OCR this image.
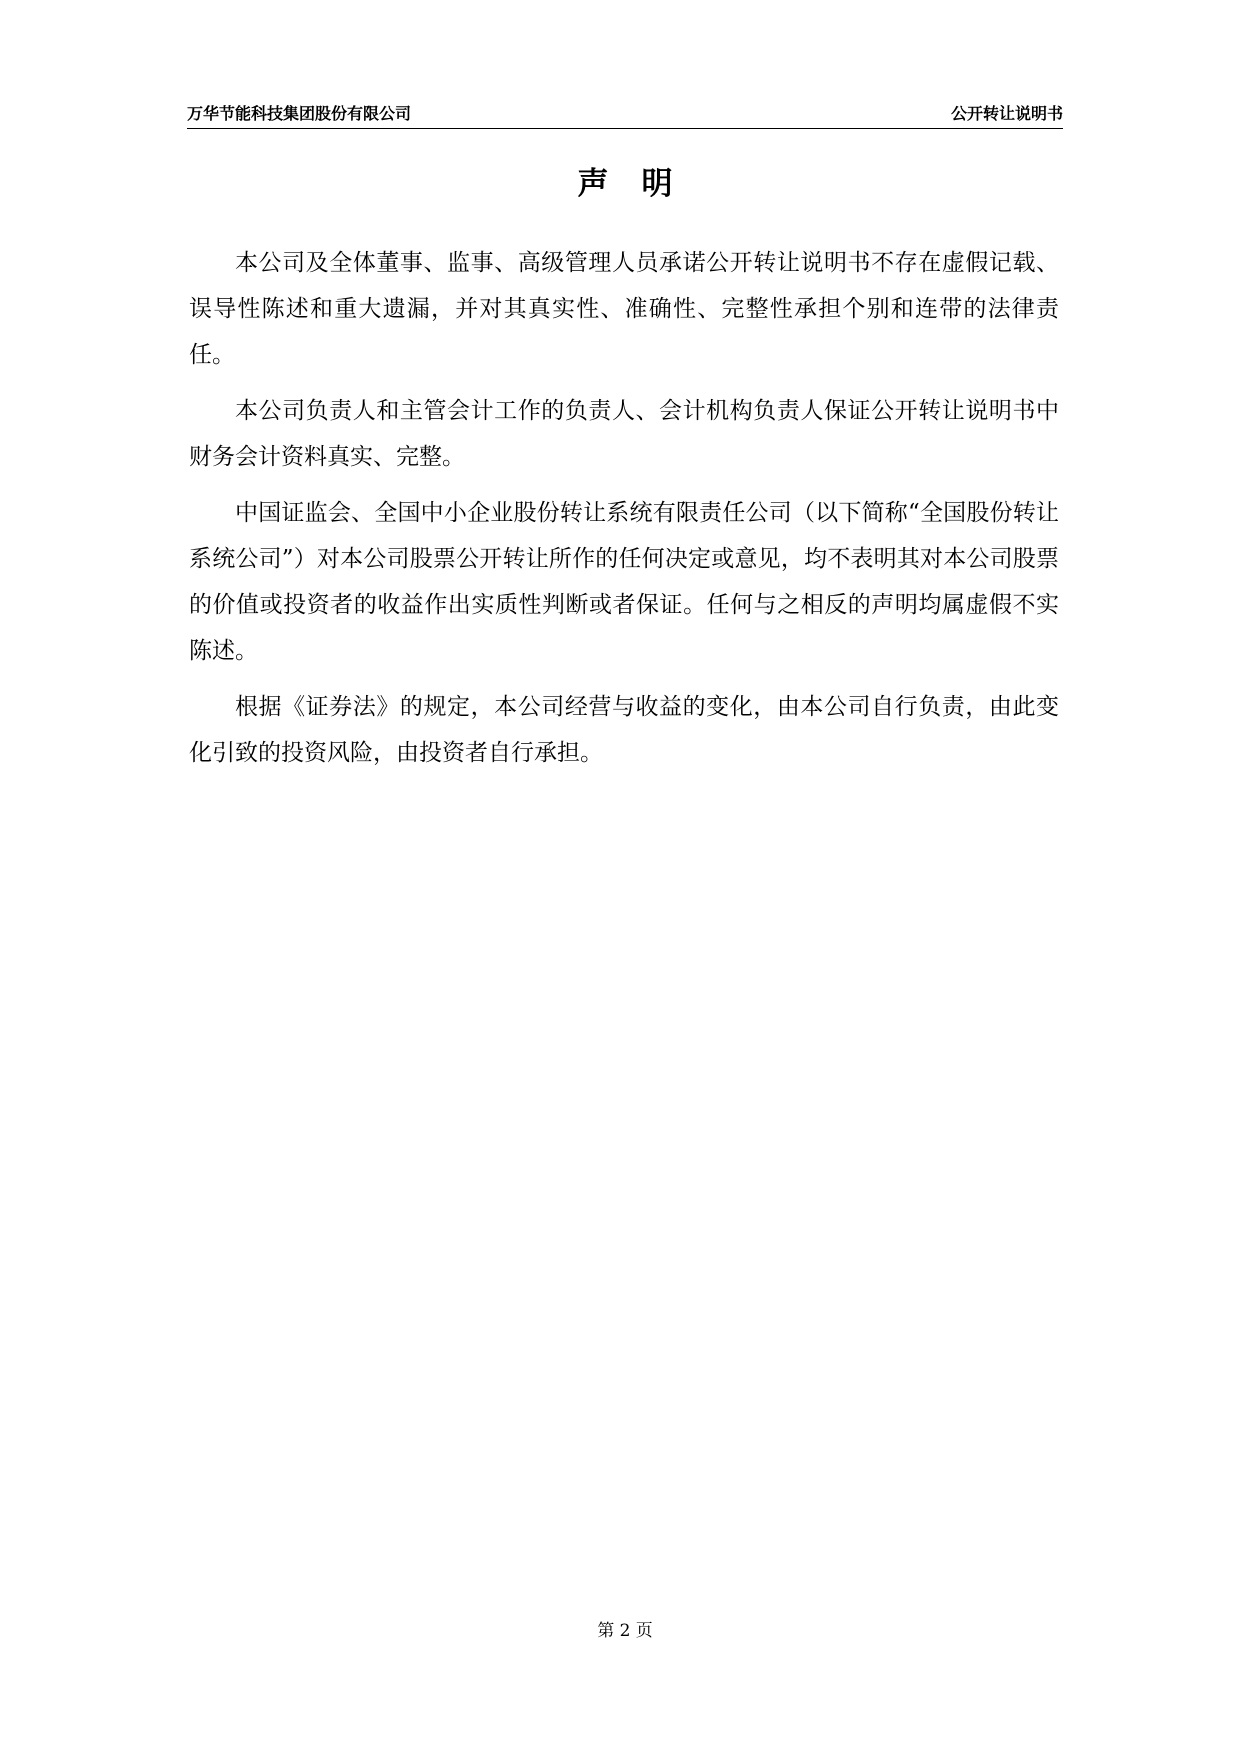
万华节能科技集团股份有限公司	公开转让说明书
声明

本公司及全体董事、监事、高级管理人员承诺公开转让说明书不存在虚假记载、误导性陈述和重大遗漏，并对其真实性、准确性、完整性承担个别和连带的法律责任。

本公司负责人和主管会计工作的负责人、会计机构负责人保证公开转让说明书中财务会计资料真实、完整。

中国证监会、全国中小企业股份转让系统有限责任公司（以下简称“全国股份转让系统公司”）对本公司股票公开转让所作的任何决定或意见，均不表明其对本公司股票的价值或投资者的收益作出实质性判断或者保证。任何与之相反的声明均属虚假不实陈述。

根据《证券法》的规定，本公司经营与收益的变化，由本公司自行负责，由此变化引致的投资风险，由投资者自行承担。

第 2 页
